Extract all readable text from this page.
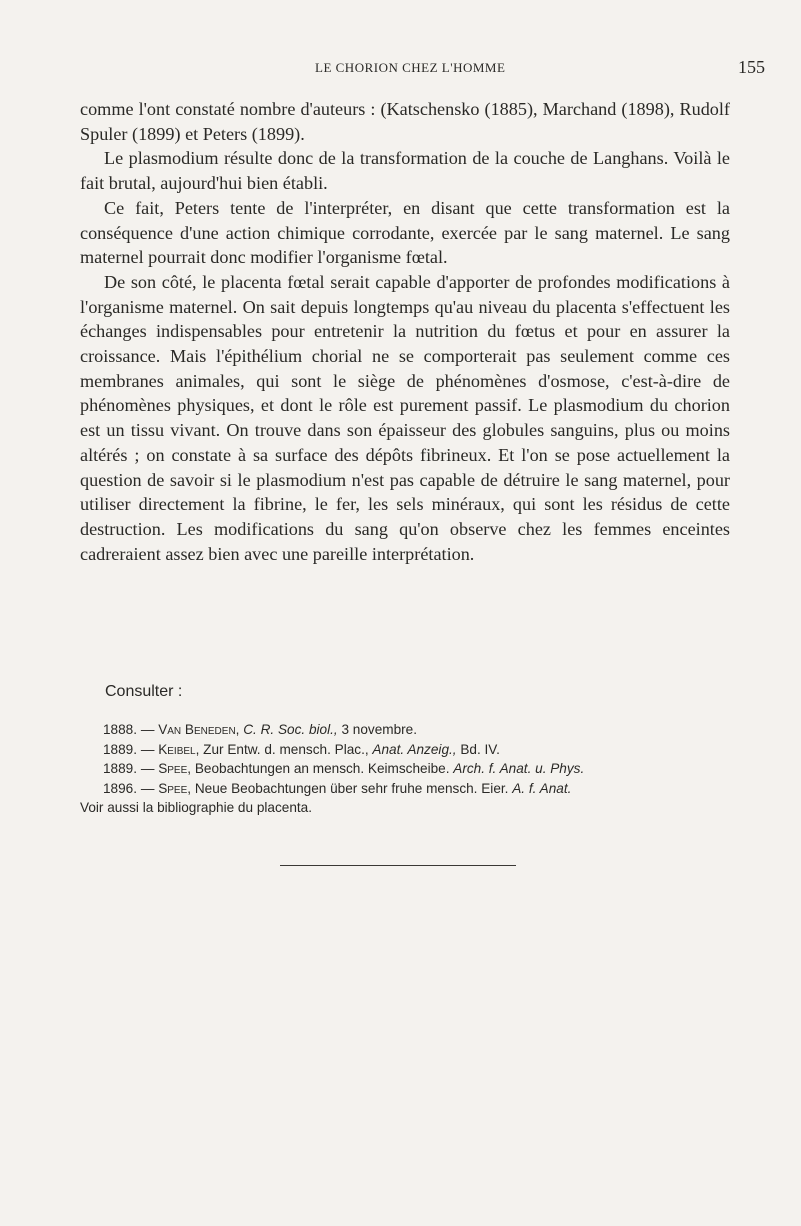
LE CHORION CHEZ L'HOMME	155

comme l'ont constaté nombre d'auteurs : (Katschensko (1885), Marchand (1898), Rudolf Spuler (1899) et Peters (1899).

Le plasmodium résulte donc de la transformation de la couche de Langhans. Voilà le fait brutal, aujourd'hui bien établi.

Ce fait, Peters tente de l'interpréter, en disant que cette transformation est la conséquence d'une action chimique corrodante, exercée par le sang maternel. Le sang maternel pourrait donc modifier l'organisme fœtal.

De son côté, le placenta fœtal serait capable d'apporter de profondes modifications à l'organisme maternel. On sait depuis longtemps qu'au niveau du placenta s'effectuent les échanges indispensables pour entretenir la nutrition du fœtus et pour en assurer la croissance. Mais l'épithélium chorial ne se comporterait pas seulement comme ces membranes animales, qui sont le siège de phénomènes d'osmose, c'est-à-dire de phénomènes physiques, et dont le rôle est purement passif. Le plasmodium du chorion est un tissu vivant. On trouve dans son épaisseur des globules sanguins, plus ou moins altérés ; on constate à sa surface des dépôts fibrineux. Et l'on se pose actuellement la question de savoir si le plasmodium n'est pas capable de détruire le sang maternel, pour utiliser directement la fibrine, le fer, les sels minéraux, qui sont les résidus de cette destruction. Les modifications du sang qu'on observe chez les femmes enceintes cadreraient assez bien avec une pareille interprétation.

Consulter :
1888. — Van Beneden, C. R. Soc. biol., 3 novembre.
1889. — Keibel, Zur Entw. d. mensch. Plac., Anat. Anzeig., Bd. IV.
1889. — Spee, Beobachtungen an mensch. Keimscheibe. Arch. f. Anat. u. Phys.
1896. — Spee, Neue Beobachtungen über sehr fruhe mensch. Eier. A. f. Anat.
Voir aussi la bibliographie du placenta.
